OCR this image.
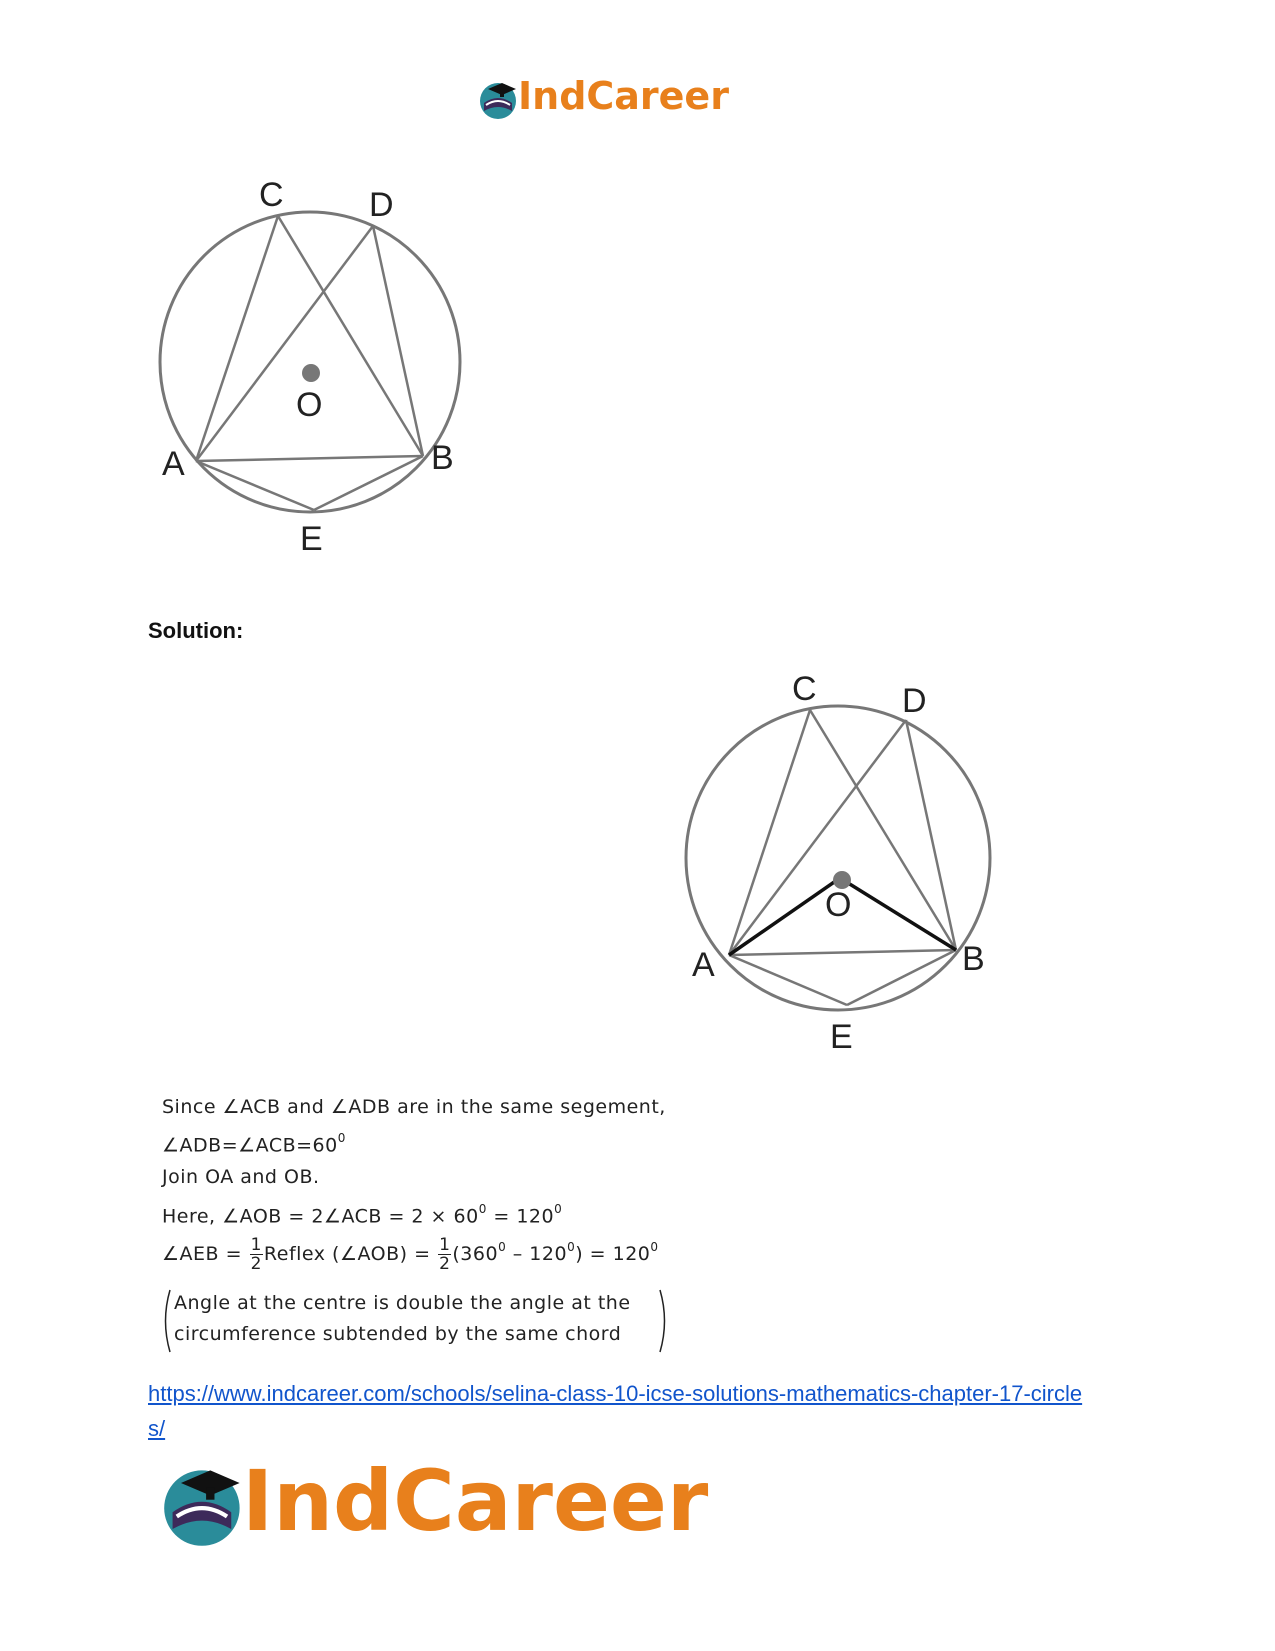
IndCareer
C	D
O
A	B
E
Solution:
C	D
O
A	B
E
Since ∠ACB and ∠ADB are in the same segement,
$\angle ADB=\angle ACB=60^0$
Join OA and OB.
Here, ∠AOB = 2∠ACB = $2 \times 60^0 = 120^0$
∠AEB = $\frac{1}{2}$ Reflex (∠AOB) = $\frac{1}{2} (360^0 - 120^0) = 120^0$
Angle at the centre is double the angle at the
circumference subtended by the same chord
https://www.indcareer.com/schools/selina-class-10-icse-solutions-mathematics-chapter-17-circle
s/
IndCareer
